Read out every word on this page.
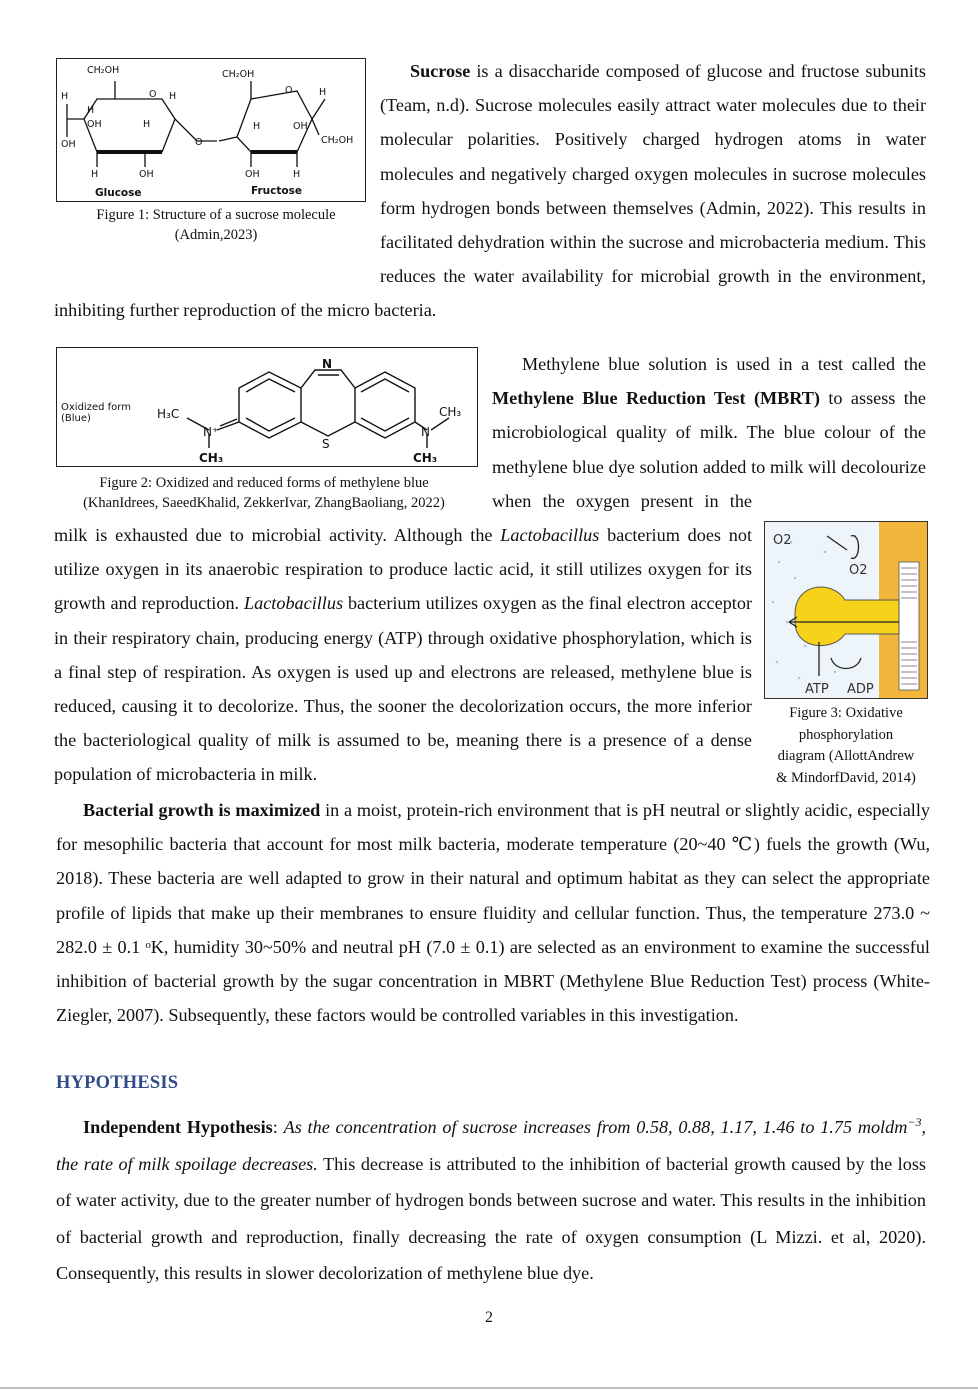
CH₂OH	CH₂OH
O H
H
H
OH	H
OH
H	OH
O
O	H
H	OH
CH₂OH
OH	H
Glucose	Fructose
Figure 1: Structure of a sucrose molecule
(Admin,2023)

Sucrose is a disaccharide composed of glucose and fructose subunits (Team, n.d). Sucrose molecules easily attract water molecules due to their molecular polarities. Positively charged hydrogen atoms in water molecules and negatively charged oxygen molecules in sucrose molecules form hydrogen bonds between themselves (Admin, 2022). This results in facilitated dehydration within the sucrose and microbacteria medium. This reduces the water availability for microbial growth in the environment, inhibiting further reproduction of the micro bacteria.

Oxidized form (Blue)
N
S
H₃C
N⁺	N
CH₃
CH₃	CH₃
Figure 2: Oxidized and reduced forms of methylene blue
(KhanIdrees, SaeedKhalid, ZekkerIvar, ZhangBaoliang, 2022)
O2
O2
ATP ADP
Figure 3: Oxidative
phosphorylation
diagram (AllottAndrew
& MindorfDavid, 2014)

Methylene blue solution is used in a test called the Methylene Blue Reduction Test (MBRT) to assess the microbiological quality of milk. The blue colour of the methylene blue dye solution added to milk will decolourize when the oxygen present in the milk is exhausted due to microbial activity. Although the Lactobacillus bacterium does not utilize oxygen in its anaerobic respiration to produce lactic acid, it still utilizes oxygen for its growth and reproduction. Lactobacillus bacterium utilizes oxygen as the final electron acceptor in their respiratory chain, producing energy (ATP) through oxidative phosphorylation, which is a final step of respiration. As oxygen is used up and electrons are released, methylene blue is reduced, causing it to decolorize. Thus, the sooner the decolorization occurs, the more inferior the bacteriological quality of milk is assumed to be, meaning there is a presence of a dense population of microbacteria in milk.

Bacterial growth is maximized in a moist, protein-rich environment that is pH neutral or slightly acidic, especially for mesophilic bacteria that account for most milk bacteria, moderate temperature (20~40 ℃) fuels the growth (Wu, 2018). These bacteria are well adapted to grow in their natural and optimum habitat as they can select the appropriate profile of lipids that make up their membranes to ensure fluidity and cellular function. Thus, the temperature 273.0 ~ 282.0 ± 0.1 ᵒK, humidity 30~50% and neutral pH (7.0 ± 0.1) are selected as an environment to examine the successful inhibition of bacterial growth by the sugar concentration in MBRT (Methylene Blue Reduction Test) process (White-Ziegler, 2007). Subsequently, these factors would be controlled variables in this investigation.

HYPOTHESIS

Independent Hypothesis: As the concentration of sucrose increases from 0.58, 0.88, 1.17, 1.46 to 1.75 moldm$^{-3}$, the rate of milk spoilage decreases. This decrease is attributed to the inhibition of bacterial growth caused by the loss of water activity, due to the greater number of hydrogen bonds between sucrose and water. This results in the inhibition of bacterial growth and reproduction, finally decreasing the rate of oxygen consumption (L Mizzi. et al, 2020). Consequently, this results in slower decolorization of methylene blue dye.

2
